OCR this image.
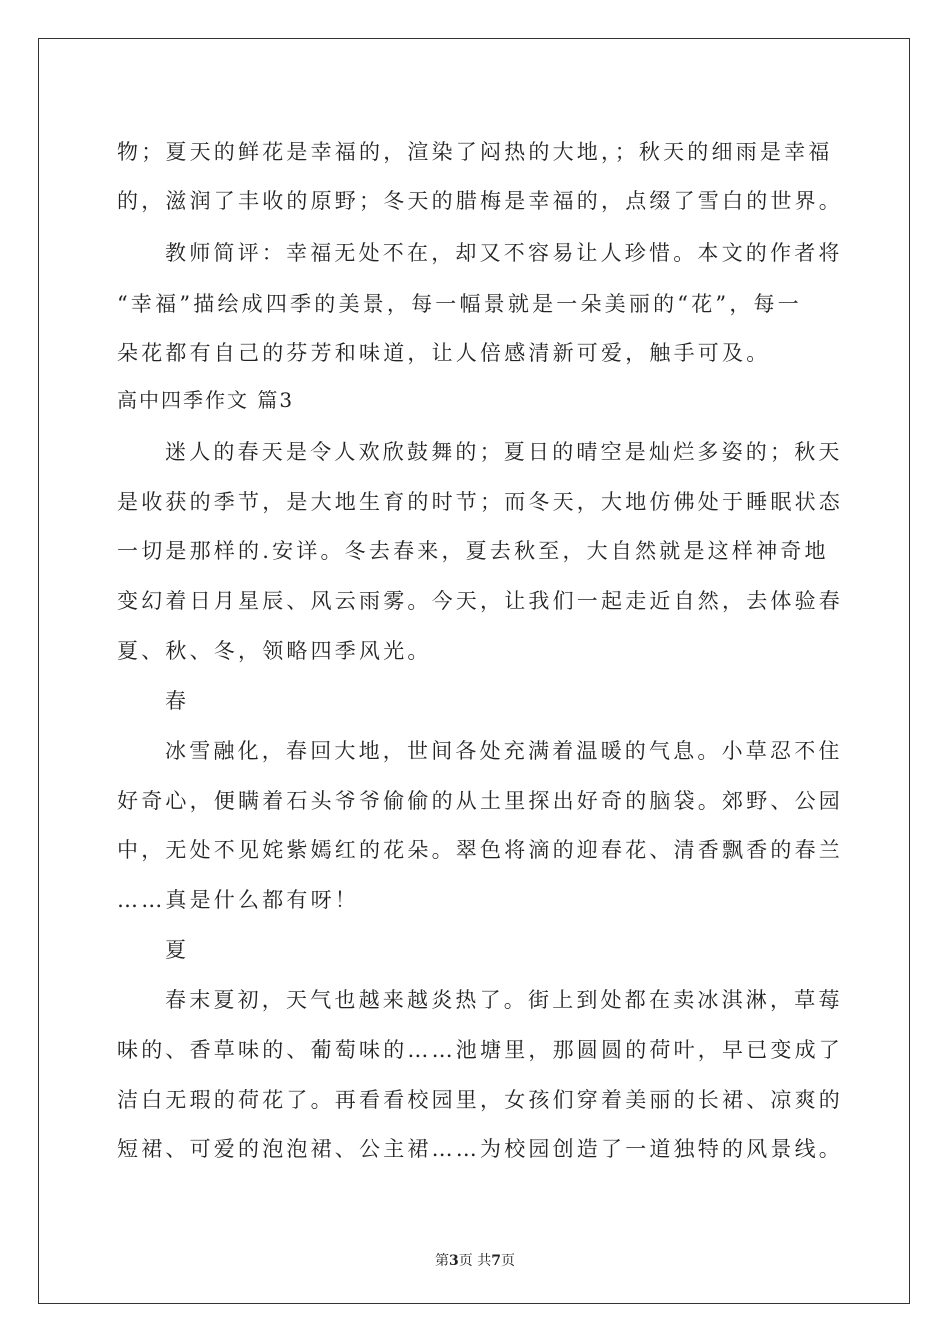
物；夏天的鲜花是幸福的，渲染了闷热的大地，；秋天的细雨是幸福
的，滋润了丰收的原野；冬天的腊梅是幸福的，点缀了雪白的世界。
教师简评：幸福无处不在，却又不容易让人珍惜。本文的作者将
“幸福”描绘成四季的美景，每一幅景就是一朵美丽的“花”，每一
朵花都有自己的芬芳和味道，让人倍感清新可爱，触手可及。
高中四季作文 篇3
迷人的春天是令人欢欣鼓舞的；夏日的晴空是灿烂多姿的；秋天
是收获的季节，是大地生育的时节；而冬天，大地仿佛处于睡眠状态
一切是那样的.安详。冬去春来，夏去秋至，大自然就是这样神奇地
变幻着日月星辰、风云雨雾。今天，让我们一起走近自然，去体验春
夏、秋、冬，领略四季风光。
春
冰雪融化，春回大地，世间各处充满着温暖的气息。小草忍不住
好奇心，便瞒着石头爷爷偷偷的从土里探出好奇的脑袋。郊野、公园
中，无处不见姹紫嫣红的花朵。翠色将滴的迎春花、清香飘香的春兰
……真是什么都有呀！
夏
春末夏初，天气也越来越炎热了。街上到处都在卖冰淇淋，草莓
味的、香草味的、葡萄味的……池塘里，那圆圆的荷叶，早已变成了
洁白无瑕的荷花了。再看看校园里，女孩们穿着美丽的长裙、凉爽的
短裙、可爱的泡泡裙、公主裙……为校园创造了一道独特的风景线。
第3页 共7页
